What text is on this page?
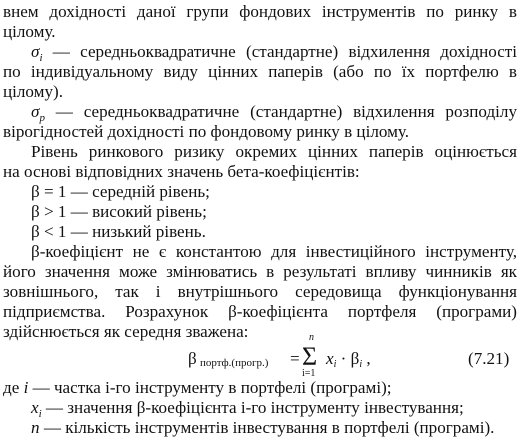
внем дохідності даної групи фондових інструментів по ринку в
цілому.
$\sigma_i$ — середньоквадратичне (стандартне) відхилення дохідності
по індивідуальному виду цінних паперів (або по їх портфелю в
цілому).
$\sigma_p$ — середньоквадратичне (стандартне) відхилення розподілу
вірогідностей дохідності по фондовому ринку в цілому.
Рівень ринкового ризику окремих цінних паперів оцінюється
на основі відповідних значень бета-коефіцієнтів:
β = 1 — середній рівень;
β > 1 — високий рівень;
β < 1 — низький рівень.
β-коефіцієнт не є константою для інвестиційного інструменту,
його значення може змінюватись в результаті впливу чинників як
зовнішнього, так і внутрішнього середовища функціонування
підприємства. Розрахунок β-коефіцієнта портфеля (програми)
здійснюється як середня зважена:
β портф.(прогр.) =
n
Σ
i=1
$x_i \cdot \beta_i$ ,	(7.21)
де i — частка i-го інструменту в портфелі (програмі);
$x_i$ — значення β-коефіцієнта i-го інструменту інвестування;
n — кількість інструментів інвестування в портфелі (програмі).
